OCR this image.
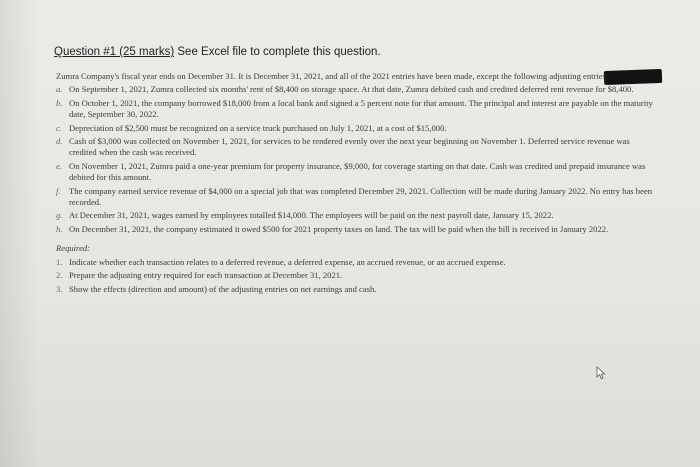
Question #1 (25 marks) See Excel file to complete this question.

Zumra Company's fiscal year ends on December 31. It is December 31, 2021, and all of the 2021 entries have been made, except the following adjusting entries:

a. On September 1, 2021, Zumra collected six months' rent of $8,400 on storage space. At that date, Zumra debited cash and credited deferred rent revenue for $8,400.
b. On October 1, 2021, the company borrowed $18,000 from a local bank and signed a 5 percent note for that amount. The principal and interest are payable on the maturity date, September 30, 2022.
c. Depreciation of $2,500 must be recognized on a service truck purchased on July 1, 2021, at a cost of $15,000.
d. Cash of $3,000 was collected on November 1, 2021, for services to be rendered evenly over the next year beginning on November 1. Deferred service revenue was credited when the cash was received.
e. On November 1, 2021, Zumra paid a one-year premium for property insurance, $9,000, for coverage starting on that date. Cash was credited and prepaid insurance was debited for this amount.
f. The company earned service revenue of $4,000 on a special job that was completed December 29, 2021. Collection will be made during January 2022. No entry has been recorded.
g. At December 31, 2021, wages earned by employees totalled $14,000. The employees will be paid on the next payroll date, January 15, 2022.
h. On December 31, 2021, the company estimated it owed $500 for 2021 property taxes on land. The tax will be paid when the bill is received in January 2022.
Required:
1. Indicate whether each transaction relates to a deferred revenue, a deferred expense, an accrued revenue, or an accrued expense.
2. Prepare the adjusting entry required for each transaction at December 31, 2021.
3. Show the effects (direction and amount) of the adjusting entries on net earnings and cash.
